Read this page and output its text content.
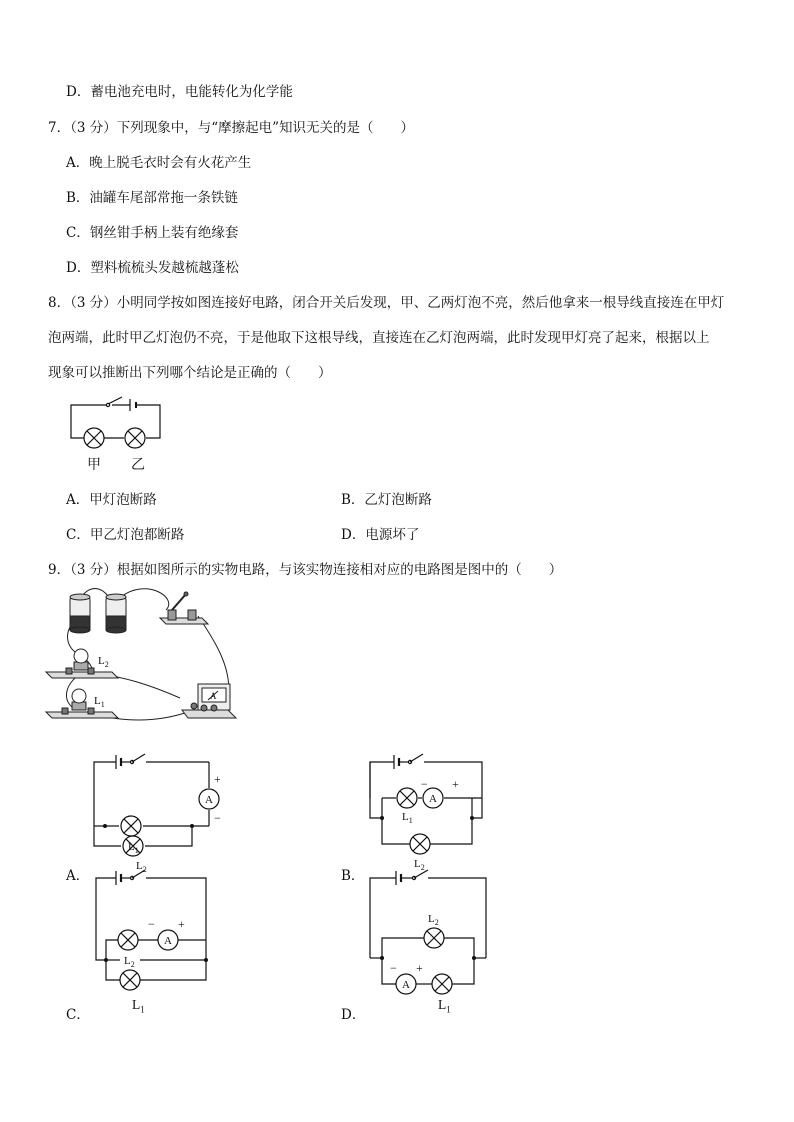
D．蓄电池充电时，电能转化为化学能
7．（3 分）下列现象中，与“摩擦起电”知识无关的是（　　）
A．晚上脱毛衣时会有火花产生
B．油罐车尾部常拖一条铁链
C．钢丝钳手柄上装有绝缘套
D．塑料梳梳头发越梳越蓬松
8．（3 分）小明同学按如图连接好电路，闭合开关后发现，甲、乙两灯泡不亮，然后他拿来一根导线直接连在甲灯
泡两端，此时甲乙灯泡仍不亮，于是他取下这根导线，直接连在乙灯泡两端，此时发现甲灯亮了起来，根据以上
现象可以推断出下列哪个结论是正确的（　　）
甲 乙
A．甲灯泡断路	B．乙灯泡断路
C．甲乙灯泡都断路	D．电源坏了
9．（3 分）根据如图所示的实物电路，与该实物连接相对应的电路图是图中的（　　）
$L_2$
$L_1$
A
A
+
−
$L_1$
$L_2$
A．
A
− +
$L_1$
$L_2$
B．
A
− +
$L_2$
C．
$L_1$
A
− +
$L_2$
D．
$L_1$
